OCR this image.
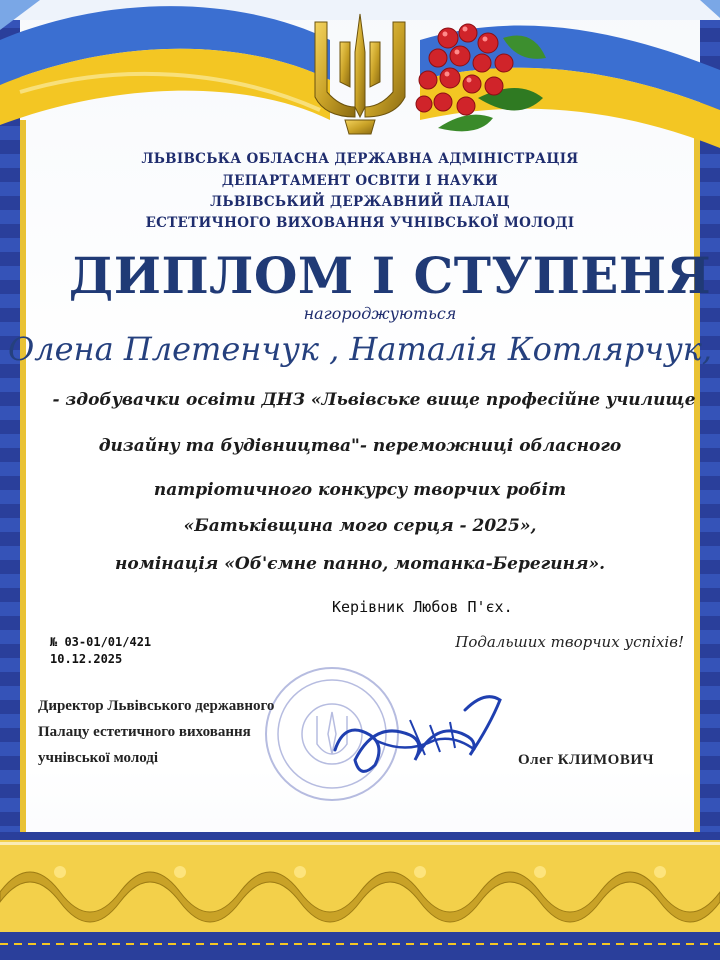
ЛЬВІВСЬКА ОБЛАСНА ДЕРЖАВНА АДМІНІСТРАЦІЯ
ДЕПАРТАМЕНТ ОСВІТИ І НАУКИ
ЛЬВІВСЬКИЙ ДЕРЖАВНИЙ ПАЛАЦ
ЕСТЕТИЧНОГО ВИХОВАННЯ УЧНІВСЬКОЇ МОЛОДІ
ДИПЛОМ І СТУПЕНЯ
нагороджуються
Олена Плетенчук , Наталія Котлярчук,
- здобувачки освіти ДНЗ «Львівське вище професійне училище
дизайну та будівництва"- переможниці обласного
патріотичного конкурсу творчих робіт
«Батьківщина мого серця - 2025»,
номінація «Об'ємне панно, мотанка-Берегиня».
Керівник Любов П'єх.
№ 03-01/01/421
10.12.2025
Подальших творчих успіхів!
Директор Львівського державного
Палацу естетичного виховання
учнівської молоді	Олег КЛИМОВИЧ
